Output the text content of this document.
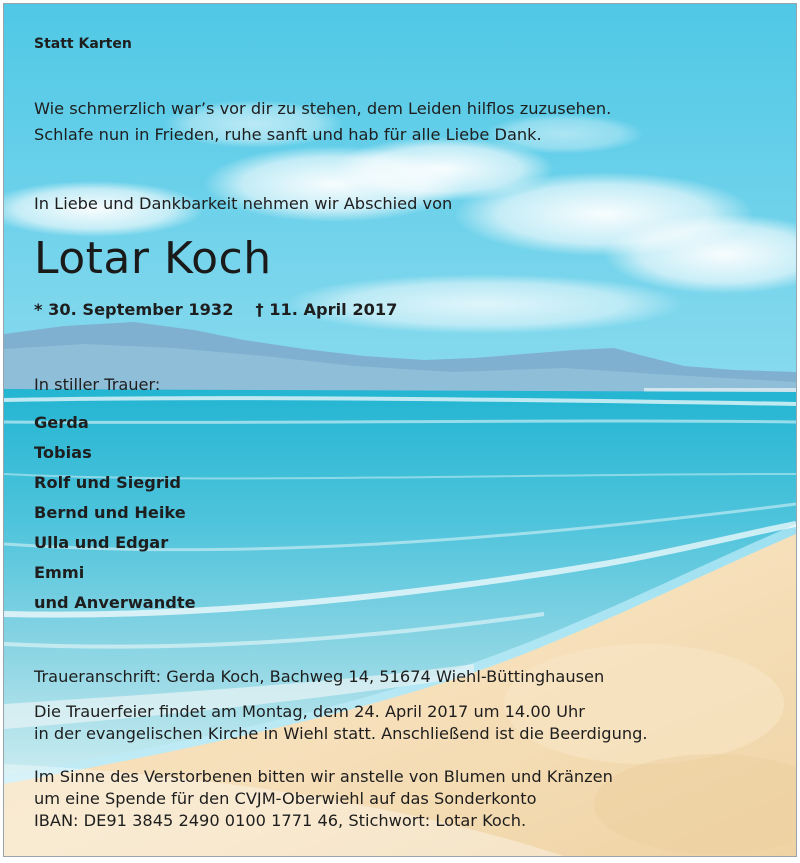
Statt Karten
Wie schmerzlich war’s vor dir zu stehen, dem Leiden hilflos zuzusehen.
Schlafe nun in Frieden, ruhe sanft und hab für alle Liebe Dank.
In Liebe und Dankbarkeit nehmen wir Abschied von
Lotar Koch
* 30. September 1932 † 11. April 2017
In stiller Trauer:
Gerda
Tobias
Rolf und Siegrid
Bernd und Heike
Ulla und Edgar
Emmi
und Anverwandte
Traueranschrift: Gerda Koch, Bachweg 14, 51674 Wiehl-Büttinghausen
Die Trauerfeier findet am Montag, dem 24. April 2017 um 14.00 Uhr
in der evangelischen Kirche in Wiehl statt. Anschließend ist die Beerdigung.
Im Sinne des Verstorbenen bitten wir anstelle von Blumen und Kränzen
um eine Spende für den CVJM-Oberwiehl auf das Sonderkonto
IBAN: DE91 3845 2490 0100 1771 46, Stichwort: Lotar Koch.
